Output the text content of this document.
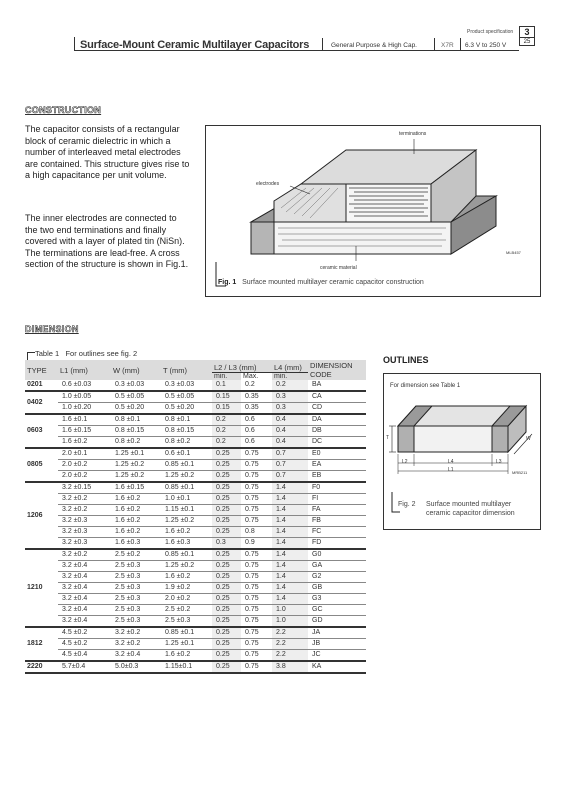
Product specification	3
25
Surface-Mount Ceramic Multilayer Capacitors	General Purpose & High Cap.	X7R 6.3 V to 250 V
CONSTRUCTION
The capacitor consists of a rectangular block of ceramic dielectric in which a number of interleaved metal electrodes are contained. This structure gives rise to a high capacitance per unit volume.
The inner electrodes are connected to the two end terminations and finally covered with a layer of plated tin (NiSn). The terminations are lead-free. A cross section of the structure is shown in Fig.1.
terminations
electrodes
ceramic material
MLB457
Fig. 1 Surface mounted multilayer ceramic capacitor construction
DIMENSION
Table 1 For outlines see fig. 2
TYPE	L1 (mm)	W (mm)	T (mm)	L2 / L3 (mm)		L4 (mm)	DIMENSION CODE
				min.	Max.	min.	
0201	0.6 ±0.03	0.3 ±0.03	0.3 ±0.03	0.1	0.2	0.2	BA
0402	1.0 ±0.05	0.5 ±0.05	0.5 ±0.05	0.15	0.35	0.3	CA
	1.0 ±0.20	0.5 ±0.20	0.5 ±0.20	0.15	0.35	0.3	CD
0603	1.6 ±0.1	0.8 ±0.1	0.8 ±0.1	0.2	0.6	0.4	DA
	1.6 ±0.15	0.8 ±0.15	0.8 ±0.15	0.2	0.6	0.4	DB
	1.6 ±0.2	0.8 ±0.2	0.8 ±0.2	0.2	0.6	0.4	DC
0805	2.0 ±0.1	1.25 ±0.1	0.6 ±0.1	0.25	0.75	0.7	E0
	2.0 ±0.2	1.25 ±0.2	0.85 ±0.1	0.25	0.75	0.7	EA
	2.0 ±0.2	1.25 ±0.2	1.25 ±0.2	0.25	0.75	0.7	EB
1206	3.2 ±0.15	1.6 ±0.15	0.85 ±0.1	0.25	0.75	1.4	F0
	3.2 ±0.2	1.6 ±0.2	1.0 ±0.1	0.25	0.75	1.4	FI
	3.2 ±0.2	1.6 ±0.2	1.15 ±0.1	0.25	0.75	1.4	FA
	3.2 ±0.3	1.6 ±0.2	1.25 ±0.2	0.25	0.75	1.4	FB
	3.2 ±0.3	1.6 ±0.2	1.6 ±0.2	0.25	0.8	1.4	FC
	3.2 ±0.3	1.6 ±0.3	1.6 ±0.3	0.3	0.9	1.4	FD
1210	3.2 ±0.2	2.5 ±0.2	0.85 ±0.1	0.25	0.75	1.4	G0
	3.2 ±0.4	2.5 ±0.3	1.25 ±0.2	0.25	0.75	1.4	GA
	3.2 ±0.4	2.5 ±0.3	1.6 ±0.2	0.25	0.75	1.4	G2
	3.2 ±0.4	2.5 ±0.3	1.9 ±0.2	0.25	0.75	1.4	GB
	3.2 ±0.4	2.5 ±0.3	2.0 ±0.2	0.25	0.75	1.4	G3
	3.2 ±0.4	2.5 ±0.3	2.5 ±0.2	0.25	0.75	1.0	GC
	3.2 ±0.4	2.5 ±0.3	2.5 ±0.3	0.25	0.75	1.0	GD
1812	4.5 ±0.2	3.2 ±0.2	0.85 ±0.1	0.25	0.75	2.2	JA
	4.5 ±0.2	3.2 ±0.2	1.25 ±0.1	0.25	0.75	2.2	JB
	4.5 ±0.4	3.2 ±0.4	1.6 ±0.2	0.25	0.75	2.2	JC
2220	5.7±0.4	5.0±0.3	1.15±0.1	0.25	0.75	3.8	KA
OUTLINES
For dimension see Table 1
T	W
L2	L4	L3
L1	MRB211
Fig. 2 Surface mounted multilayer
ceramic capacitor dimension
